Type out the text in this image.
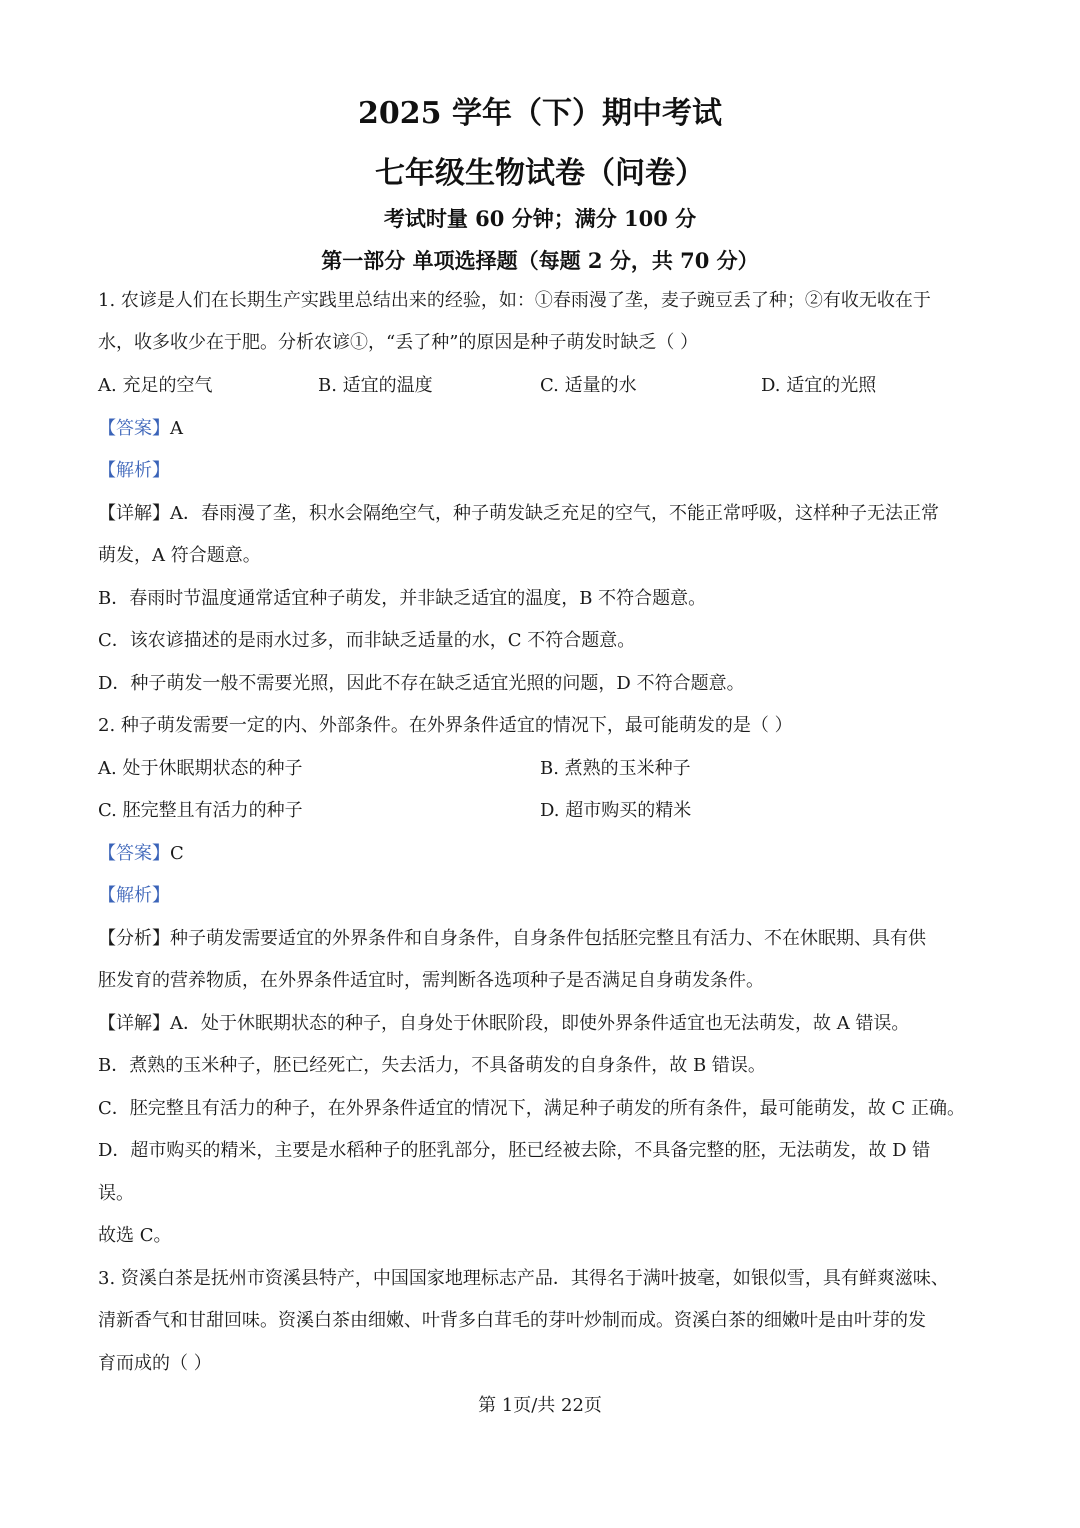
2025 学年（下）期中考试
七年级生物试卷（问卷）
考试时量 60 分钟；满分 100 分
第一部分 单项选择题（每题 2 分，共 70 分）
1. 农谚是人们在长期生产实践里总结出来的经验，如：①春雨漫了垄，麦子豌豆丢了种；②有收无收在于
水，收多收少在于肥。分析农谚①，“丢了种”的原因是种子萌发时缺乏（ ）
A. 充足的空气	B. 适宜的温度	C. 适量的水	D. 适宜的光照
【答案】A
【解析】
【详解】A．春雨漫了垄，积水会隔绝空气，种子萌发缺乏充足的空气，不能正常呼吸，这样种子无法正常
萌发，A 符合题意。
B．春雨时节温度通常适宜种子萌发，并非缺乏适宜的温度，B 不符合题意。
C．该农谚描述的是雨水过多，而非缺乏适量的水，C 不符合题意。
D．种子萌发一般不需要光照，因此不存在缺乏适宜光照的问题，D 不符合题意。
2. 种子萌发需要一定的内、外部条件。在外界条件适宜的情况下，最可能萌发的是（ ）
A. 处于休眠期状态的种子	B. 煮熟的玉米种子
C. 胚完整且有活力的种子	D. 超市购买的精米
【答案】C
【解析】
【分析】种子萌发需要适宜的外界条件和自身条件，自身条件包括胚完整且有活力、不在休眠期、具有供
胚发育的营养物质，在外界条件适宜时，需判断各选项种子是否满足自身萌发条件。
【详解】A．处于休眠期状态的种子，自身处于休眠阶段，即使外界条件适宜也无法萌发，故 A 错误。
B．煮熟的玉米种子，胚已经死亡，失去活力，不具备萌发的自身条件，故 B 错误。
C．胚完整且有活力的种子，在外界条件适宜的情况下，满足种子萌发的所有条件，最可能萌发，故 C 正确。
D．超市购买的精米，主要是水稻种子的胚乳部分，胚已经被去除，不具备完整的胚，无法萌发，故 D 错
误。
故选 C。
3. 资溪白茶是抚州市资溪县特产，中国国家地理标志产品．其得名于满叶披毫，如银似雪，具有鲜爽滋味、
清新香气和甘甜回味。资溪白茶由细嫩、叶背多白茸毛的芽叶炒制而成。资溪白茶的细嫩叶是由叶芽的发
育而成的（ ）
第 1页/共 22页
